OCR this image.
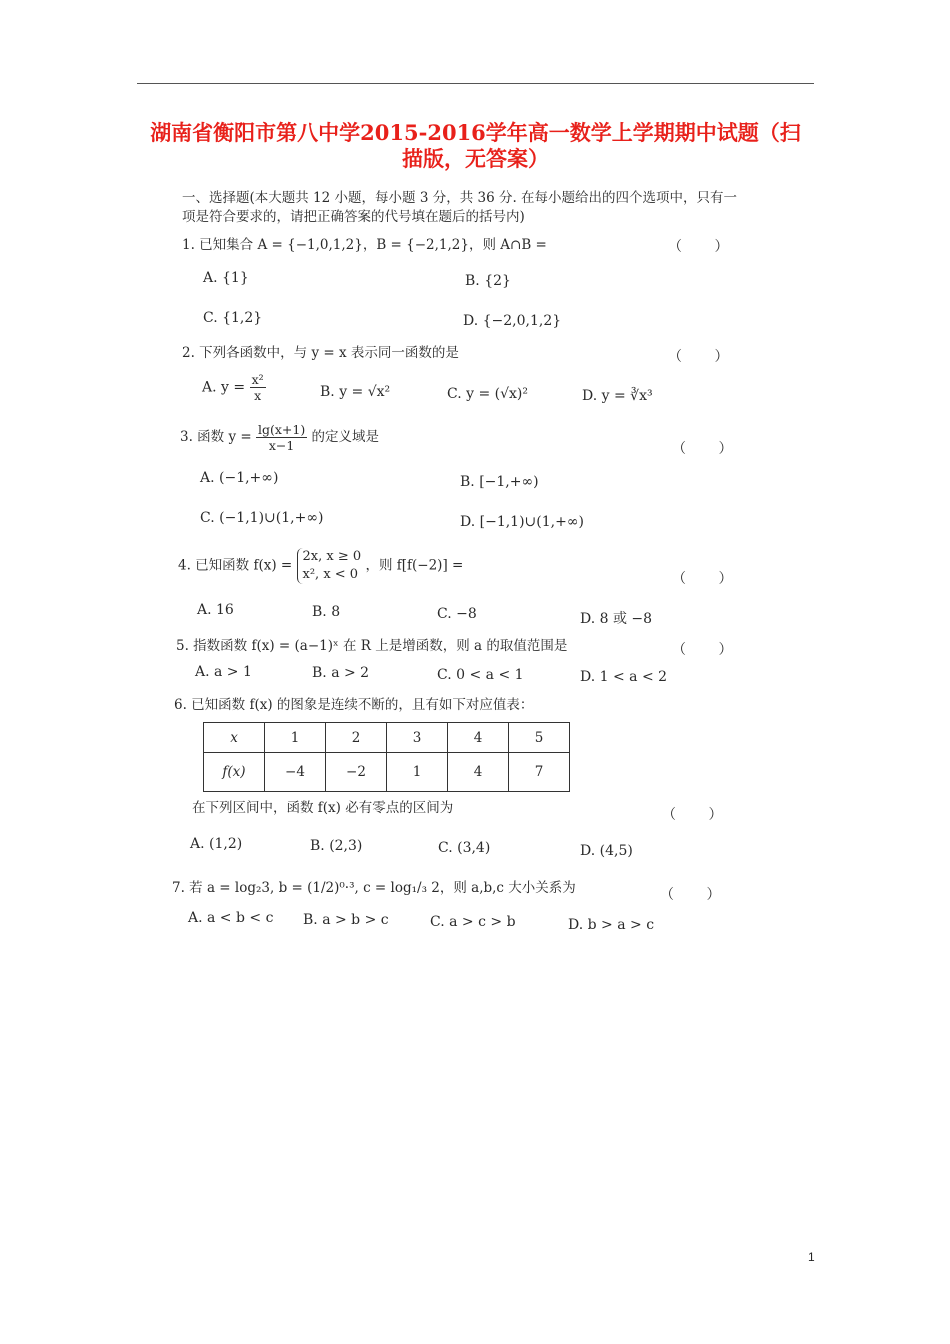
湖南省衡阳市第八中学2015-2016学年高一数学上学期期中试题（扫
描版，无答案）
一、选择题(本大题共 12 小题，每小题 3 分，共 36 分. 在每小题给出的四个选项中，只有一
项是符合要求的，请把正确答案的代号填在题后的括号内)
1. 已知集合 A = {−1,0,1,2}，B = {−2,1,2}，则 A∩B =	（ ）
A. {1}	B. {2}
C. {1,2}	D. {−2,0,1,2}
2. 下列各函数中，与 y = x 表示同一函数的是	（ ）
A. $y = \frac{\text{x²}}{x}$	B. y = √x²	C. y = (√x)²	D. y = ∛x³
3. 函数 $y = \frac{\lg(x+1)}{x-1}$ 的定义域是
（ ）
A. (−1,+∞)	B. [−1,+∞)
C. (−1,1)∪(1,+∞)	D. [−1,1)∪(1,+∞)
4. 已知函数 f(x) =
2x, x ≥ 0
x², x < 0
，则 f[f(−2)] =
（ ）
A. 16	B. 8	C. −8	D. 8 或 −8
5. 指数函数 f(x) = (a−1)ˣ 在 R 上是增函数，则 a 的取值范围是	（ ）
A. a > 1	B. a > 2	C. 0 < a < 1	D. 1 < a < 2
6. 已知函数 f(x) 的图象是连续不断的，且有如下对应值表：
x	1	2	3	4	5
f(x)	−4	−2	1	4	7
在下列区间中，函数 f(x) 必有零点的区间为	（ ）
A. (1,2)	B. (2,3)	C. (3,4)	D. (4,5)
7. 若 a = log₂3, b = (1/2)⁰·³, c = log₁/₃ 2，则 a,b,c 大小关系为	（ ）
A. a < b < c B. a > b > c	C. a > c > b	D. b > a > c
1
